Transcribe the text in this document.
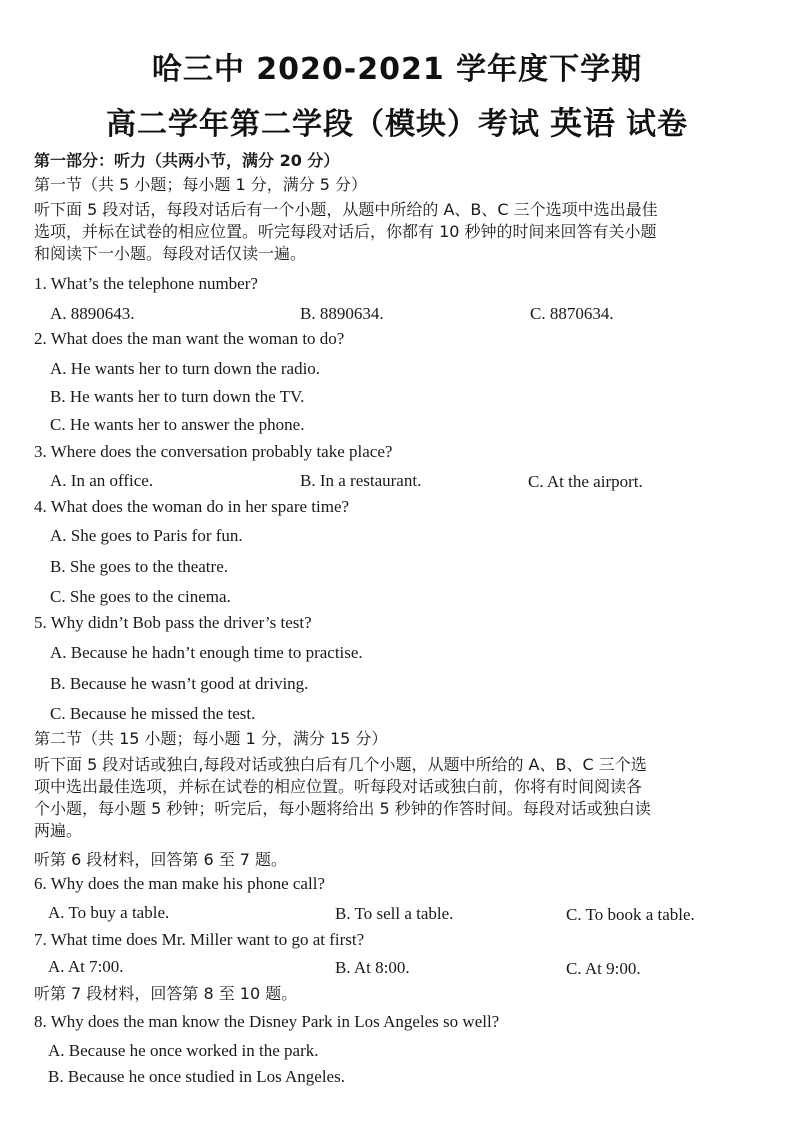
哈三中 2020-2021 学年度下学期
高二学年第二学段（模块）考试 英语 试卷
第一部分：听力（共两小节，满分 20 分）
第一节（共 5 小题；每小题 1 分，满分 5 分）
听下面 5 段对话，每段对话后有一个小题，从题中所给的 A、B、C 三个选项中选出最佳
选项，并标在试卷的相应位置。听完每段对话后，你都有 10 秒钟的时间来回答有关小题
和阅读下一小题。每段对话仅读一遍。
1. What’s the telephone number?
A. 8890643.	B. 8890634.	C. 8870634.
2. What does the man want the woman to do?
A. He wants her to turn down the radio.
B. He wants her to turn down the TV.
C. He wants her to answer the phone.
3. Where does the conversation probably take place?
A. In an office.	B. In a restaurant.	C. At the airport.
4. What does the woman do in her spare time?
A. She goes to Paris for fun.
B. She goes to the theatre.
C. She goes to the cinema.
5. Why didn’t Bob pass the driver’s test?
A. Because he hadn’t enough time to practise.
B. Because he wasn’t good at driving.
C. Because he missed the test.
第二节（共 15 小题；每小题 1 分，满分 15 分）
听下面 5 段对话或独白,每段对话或独白后有几个小题，从题中所给的 A、B、C 三个选
项中选出最佳选项，并标在试卷的相应位置。听每段对话或独白前，你将有时间阅读各
个小题，每小题 5 秒钟；听完后，每小题将给出 5 秒钟的作答时间。每段对话或独白读
两遍。
听第 6 段材料，回答第 6 至 7 题。
6. Why does the man make his phone call?
A. To buy a table.	B. To sell a table.	C. To book a table.
7. What time does Mr. Miller want to go at first?
A. At 7:00.	B. At 8:00.	C. At 9:00.
听第 7 段材料，回答第 8 至 10 题。
8. Why does the man know the Disney Park in Los Angeles so well?
A. Because he once worked in the park.
B. Because he once studied in Los Angeles.
